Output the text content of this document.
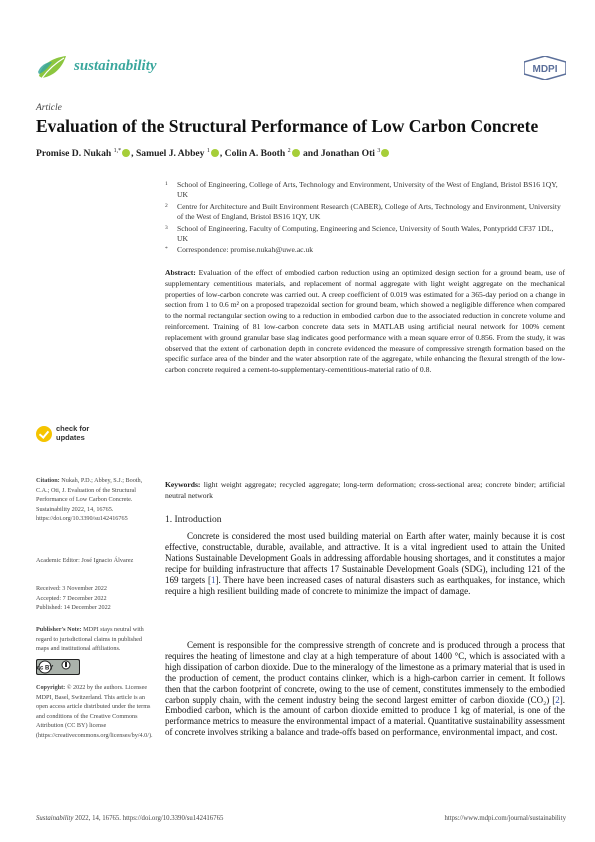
sustainability	MDPI
Article
Evaluation of the Structural Performance of Low Carbon Concrete
Promise D. Nukah $^{1,*}$ , Samuel J. Abbey $^1$ , Colin A. Booth $^2$ and Jonathan Oti $^3$
1 School of Engineering, College of Arts, Technology and Environment, University of the West of England, Bristol BS16 1QY, UK
2 Centre for Architecture and Built Environment Research (CABER), College of Arts, Technology and Environment, University of the West of England, Bristol BS16 1QY, UK
3 School of Engineering, Faculty of Computing, Engineering and Science, University of South Wales, Pontypridd CF37 1DL, UK
* Correspondence: promise.nukah@uwe.ac.uk
Abstract: Evaluation of the effect of embodied carbon reduction using an optimized design section for a ground beam, use of supplementary cementitious materials, and replacement of normal aggregate with light weight aggregate on the mechanical properties of low-carbon concrete was carried out. A creep coefficient of 0.019 was estimated for a 365-day period on a change in section from 1 to 0.6 m² on a proposed trapezoidal section for ground beam, which showed a negligible difference when compared to the normal rectangular section owing to a reduction in embodied carbon due to the associated reduction in concrete volume and reinforcement. Training of 81 low-carbon concrete data sets in MATLAB using artificial neural network for 100% cement replacement with ground granular base slag indicates good performance with a mean square error of 0.856. From the study, it was observed that the extent of carbonation depth in concrete evidenced the measure of compressive strength formation based on the specific surface area of the binder and the water absorption rate of the aggregate, while enhancing the flexural strength of the low-carbon concrete required a cement-to-supplementary-cementitious-material ratio of 0.8.
Keywords: light weight aggregate; recycled aggregate; long-term deformation; cross-sectional area; concrete binder; artificial neutral network
check for
updates
Citation: Nukah, P.D.; Abbey, S.J.; Booth, C.A.; Oti, J. Evaluation of the Structural Performance of Low Carbon Concrete. Sustainability 2022, 14, 16765. https://doi.org/10.3390/su142416765
Academic Editor: José Ignacio Álvarez
Received: 3 November 2022
Accepted: 7 December 2022
Published: 14 December 2022
Publisher's Note: MDPI stays neutral with regard to jurisdictional claims in published maps and institutional affiliations.
cc BY
Copyright: © 2022 by the authors. Licensee MDPI, Basel, Switzerland. This article is an open access article distributed under the terms and conditions of the Creative Commons Attribution (CC BY) license (https://creativecommons.org/licenses/by/4.0/).
1. Introduction

Concrete is considered the most used building material on Earth after water, mainly because it is cost effective, constructable, durable, available, and attractive. It is a vital ingredient used to attain the United Nations Sustainable Development Goals in addressing affordable housing shortages, and it constitutes a major recipe for building infrastructure that affects 17 Sustainable Development Goals (SDG), including 121 of the 169 targets [1]. There have been increased cases of natural disasters such as earthquakes, for instance, which require a high resilient building made of concrete to minimize the impact of damage.

Cement is responsible for the compressive strength of concrete and is produced through a process that requires the heating of limestone and clay at a high temperature of about 1400 °C, which is associated with a high dissipation of carbon dioxide. Due to the mineralogy of the limestone as a primary material that is used in the production of cement, the product contains clinker, which is a high-carbon carrier in cement. It follows then that the carbon footprint of concrete, owing to the use of cement, constitutes immensely to the embodied carbon supply chain, with the cement industry being the second largest emitter of carbon dioxide (CO₂) [2]. Embodied carbon, which is the amount of carbon dioxide emitted to produce 1 kg of material, is one of the performance metrics to measure the environmental impact of a material. Quantitative sustainability assessment of concrete involves striking a balance and trade-offs based on performance, environmental impact, and cost.

Sustainability 2022, 14, 16765. https://doi.org/10.3390/su142416765	https://www.mdpi.com/journal/sustainability
